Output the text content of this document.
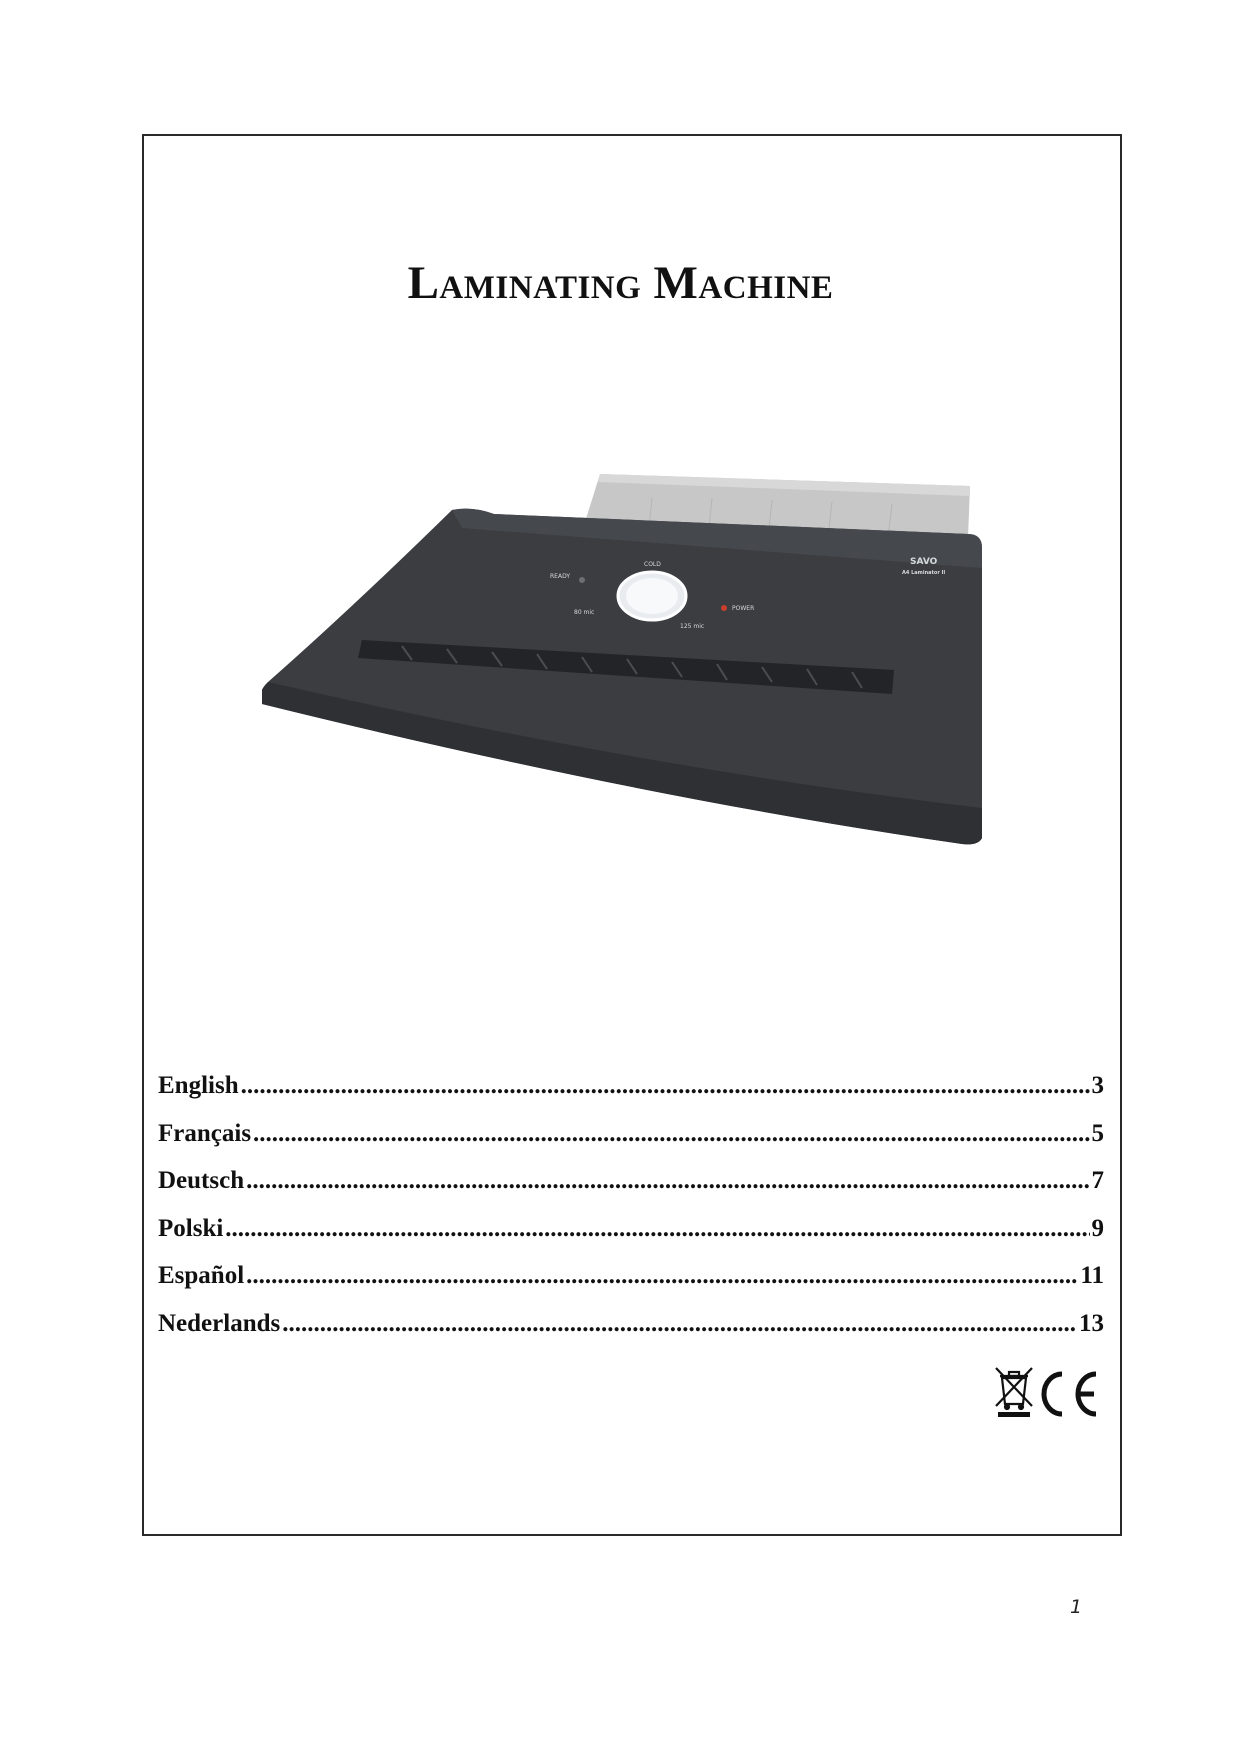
Laminating Machine
READY
COLD
80 mic
125 mic
POWER
SAVO
A4 Laminator II
English .....	3
Français .....	5
Deutsch .....	7
Polski .....	9
Español .....	11
Nederlands .....	13
1
